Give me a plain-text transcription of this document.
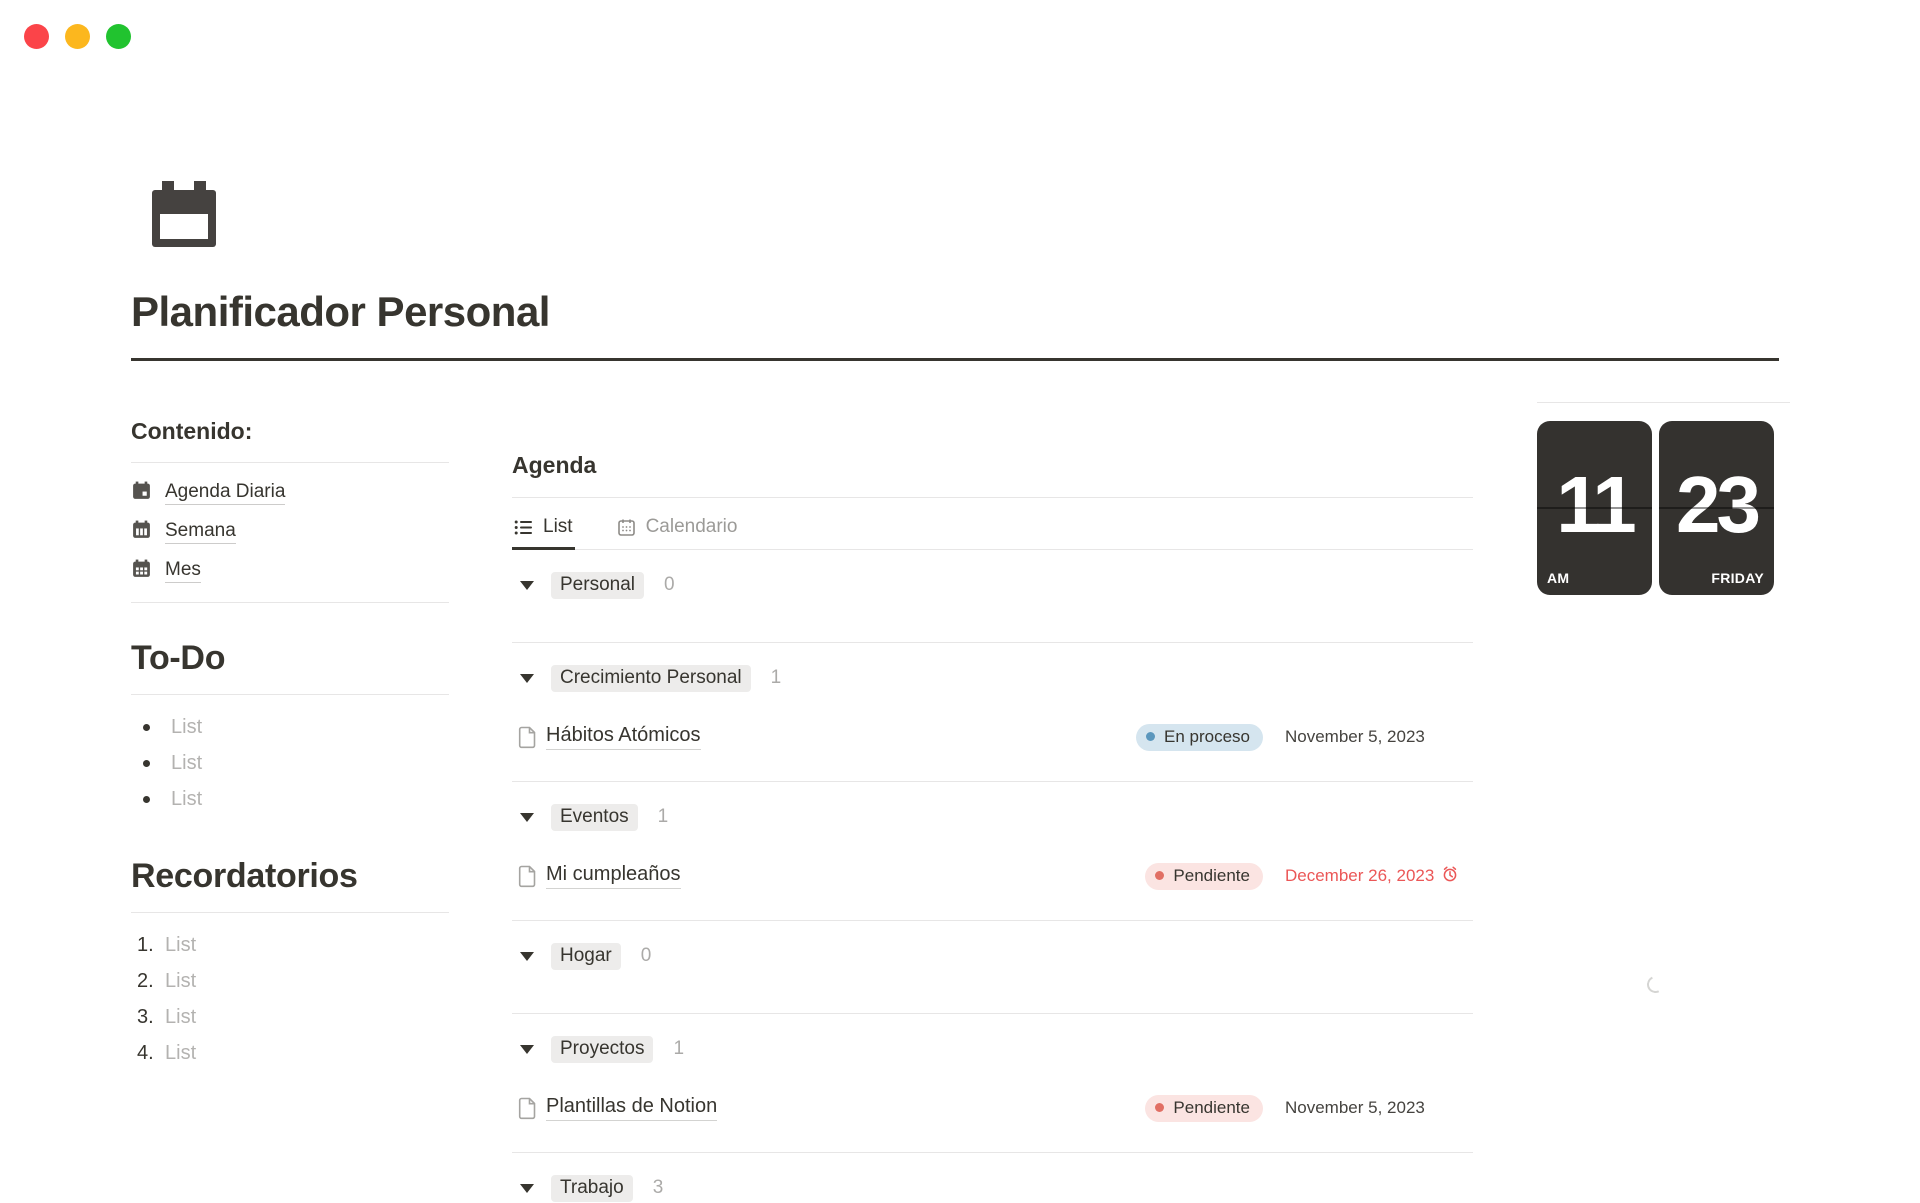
Planificador Personal
Contenido:
Agenda Diaria
Semana
Mes
To-Do
List
List
List
Recordatorios
1. List
2. List
3. List
4. List
Agenda
List	Calendario
Personal	0
Crecimiento Personal	1
Hábitos Atómicos	En proceso November 5, 2023
Eventos	1
Mi cumpleaños	Pendiente December 26, 2023
Hogar	0
Proyectos	1
Plantillas de Notion	Pendiente November 5, 2023
Trabajo	3
11
AM
23
FRIDAY
